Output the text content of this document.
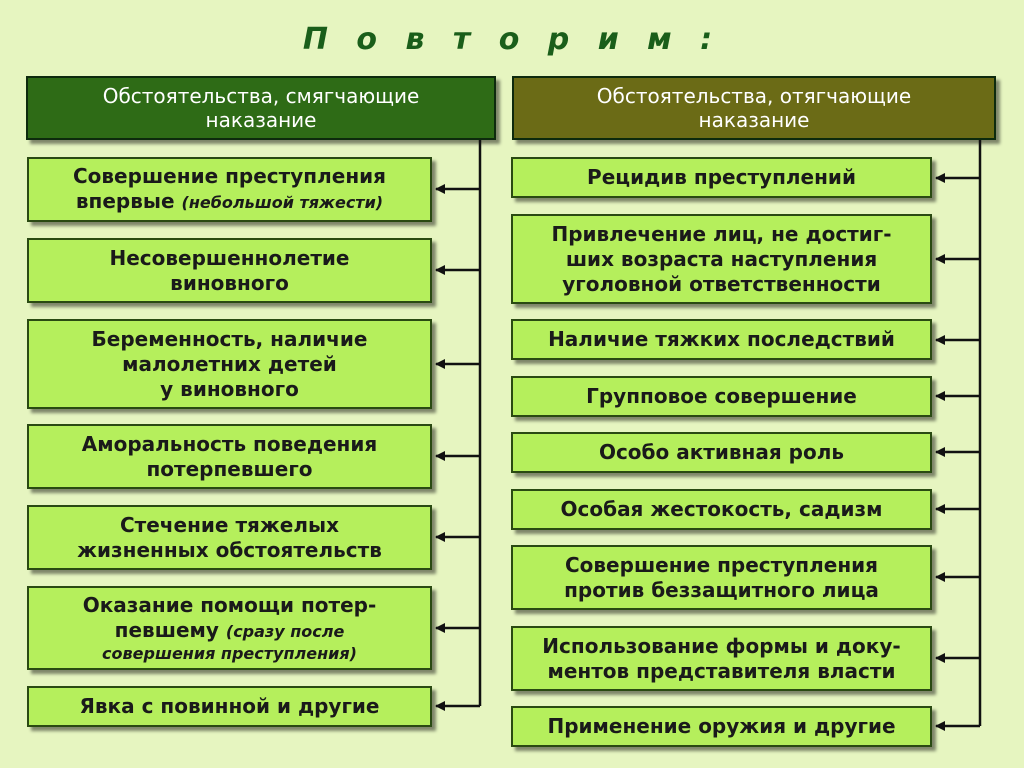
П о в т о р и м :
Обстоятельства, смягчающие
наказание
Обстоятельства, отягчающие
наказание
Совершение преступления
впервые (небольшой тяжести)
Несовершеннолетие
виновного
Беременность, наличие
малолетних детей
у виновного
Аморальность поведения
потерпевшего
Стечение тяжелых
жизненных обстоятельств
Оказание помощи потер-
певшему (сразу после
совершения преступления)
Явка с повинной и другие
Рецидив преступлений
Привлечение лиц, не достиг-
ших возраста наступления
уголовной ответственности
Наличие тяжких последствий
Групповое совершение
Особо активная роль
Особая жестокость, садизм
Совершение преступления
против беззащитного лица
Использование формы и доку-
ментов представителя власти
Применение оружия и другие
